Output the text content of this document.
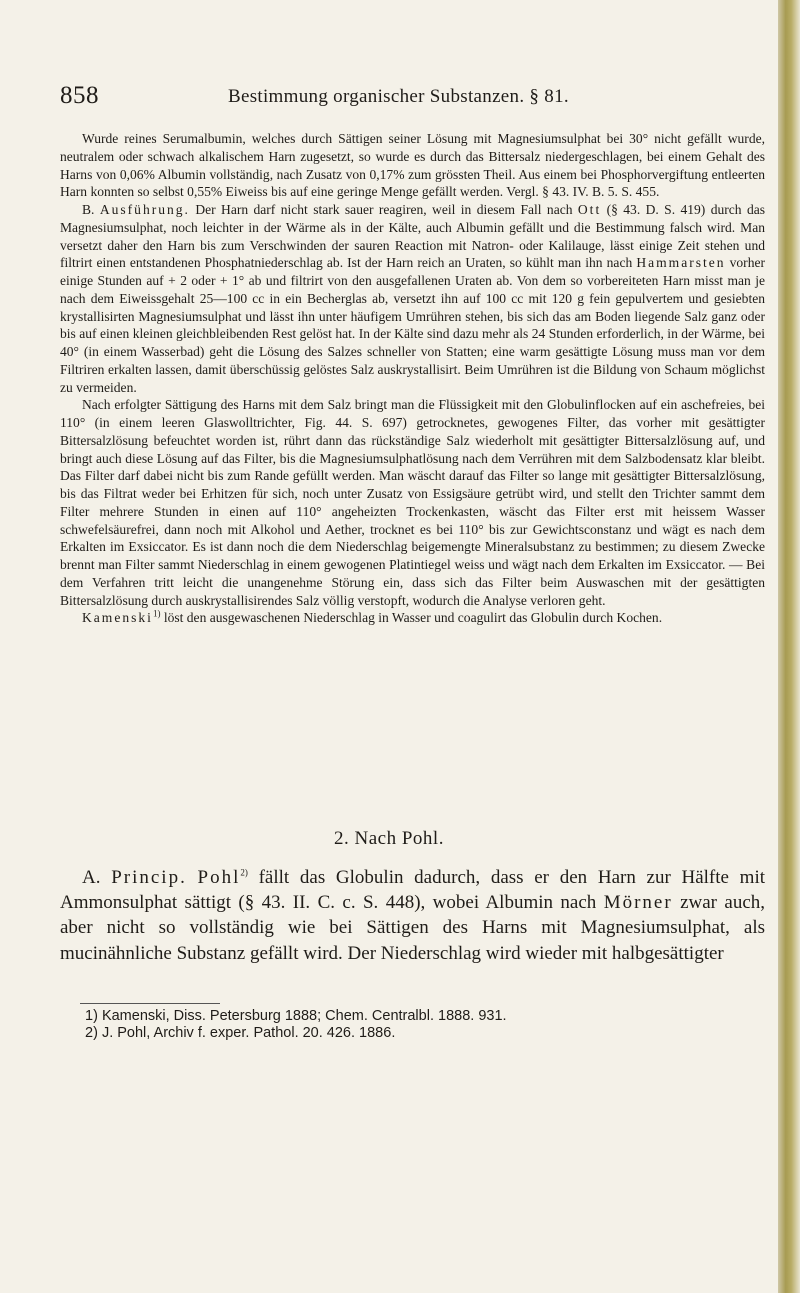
858	Bestimmung organischer Substanzen. § 81.

Wurde reines Serumalbumin, welches durch Sättigen seiner Lösung mit Magnesiumsulphat bei 30° nicht gefällt wurde, neutralem oder schwach alkalischem Harn zugesetzt, so wurde es durch das Bittersalz niedergeschlagen, bei einem Gehalt des Harns von 0,06% Albumin vollständig, nach Zusatz von 0,17% zum grössten Theil. Aus einem bei Phosphorvergiftung entleerten Harn konnten so selbst 0,55% Eiweiss bis auf eine geringe Menge gefällt werden. Vergl. § 43. IV. B. 5. S. 455.

B. Ausführung. Der Harn darf nicht stark sauer reagiren, weil in diesem Fall nach Ott (§ 43. D. S. 419) durch das Magnesiumsulphat, noch leichter in der Wärme als in der Kälte, auch Albumin gefällt und die Bestimmung falsch wird. Man versetzt daher den Harn bis zum Verschwinden der sauren Reaction mit Natron- oder Kalilauge, lässt einige Zeit stehen und filtrirt einen entstandenen Phosphatniederschlag ab. Ist der Harn reich an Uraten, so kühlt man ihn nach Hammarsten vorher einige Stunden auf + 2 oder + 1° ab und filtrirt von den ausgefallenen Uraten ab. Von dem so vorbereiteten Harn misst man je nach dem Eiweissgehalt 25—100 cc in ein Becherglas ab, versetzt ihn auf 100 cc mit 120 g fein gepulvertem und gesiebten krystallisirten Magnesiumsulphat und lässt ihn unter häufigem Umrühren stehen, bis sich das am Boden liegende Salz ganz oder bis auf einen kleinen gleichbleibenden Rest gelöst hat. In der Kälte sind dazu mehr als 24 Stunden erforderlich, in der Wärme, bei 40° (in einem Wasserbad) geht die Lösung des Salzes schneller von Statten; eine warm gesättigte Lösung muss man vor dem Filtriren erkalten lassen, damit überschüssig gelöstes Salz auskrystallisirt. Beim Umrühren ist die Bildung von Schaum möglichst zu vermeiden.

Nach erfolgter Sättigung des Harns mit dem Salz bringt man die Flüssigkeit mit den Globulinflocken auf ein aschefreies, bei 110° (in einem leeren Glaswolltrichter, Fig. 44. S. 697) getrocknetes, gewogenes Filter, das vorher mit gesättigter Bittersalzlösung befeuchtet worden ist, rührt dann das rückständige Salz wiederholt mit gesättigter Bittersalzlösung auf, und bringt auch diese Lösung auf das Filter, bis die Magnesiumsulphatlösung nach dem Verrühren mit dem Salzbodensatz klar bleibt. Das Filter darf dabei nicht bis zum Rande gefüllt werden. Man wäscht darauf das Filter so lange mit gesättigter Bittersalzlösung, bis das Filtrat weder bei Erhitzen für sich, noch unter Zusatz von Essigsäure getrübt wird, und stellt den Trichter sammt dem Filter mehrere Stunden in einen auf 110° angeheizten Trockenkasten, wäscht das Filter erst mit heissem Wasser schwefelsäurefrei, dann noch mit Alkohol und Aether, trocknet es bei 110° bis zur Gewichtsconstanz und wägt es nach dem Erkalten im Exsiccator. Es ist dann noch die dem Niederschlag beigemengte Mineralsubstanz zu bestimmen; zu diesem Zwecke brennt man Filter sammt Niederschlag in einem gewogenen Platintiegel weiss und wägt nach dem Erkalten im Exsiccator. — Bei dem Verfahren tritt leicht die unangenehme Störung ein, dass sich das Filter beim Auswaschen mit der gesättigten Bittersalzlösung durch auskrystallisirendes Salz völlig verstopft, wodurch die Analyse verloren geht.

Kamenski$^{1)}$ löst den ausgewaschenen Niederschlag in Wasser und coagulirt das Globulin durch Kochen.

2. Nach Pohl.

A. Princip. Pohl$^{2)}$ fällt das Globulin dadurch, dass er den Harn zur Hälfte mit Ammonsulphat sättigt (§ 43. II. C. c. S. 448), wobei Albumin nach Mörner zwar auch, aber nicht so vollständig wie bei Sättigen des Harns mit Magnesiumsulphat, als mucinähnliche Substanz gefällt wird. Der Niederschlag wird wieder mit halbgesättigter

1) Kamenski, Diss. Petersburg 1888; Chem. Centralbl. 1888. 931.
2) J. Pohl, Archiv f. exper. Pathol. 20. 426. 1886.
